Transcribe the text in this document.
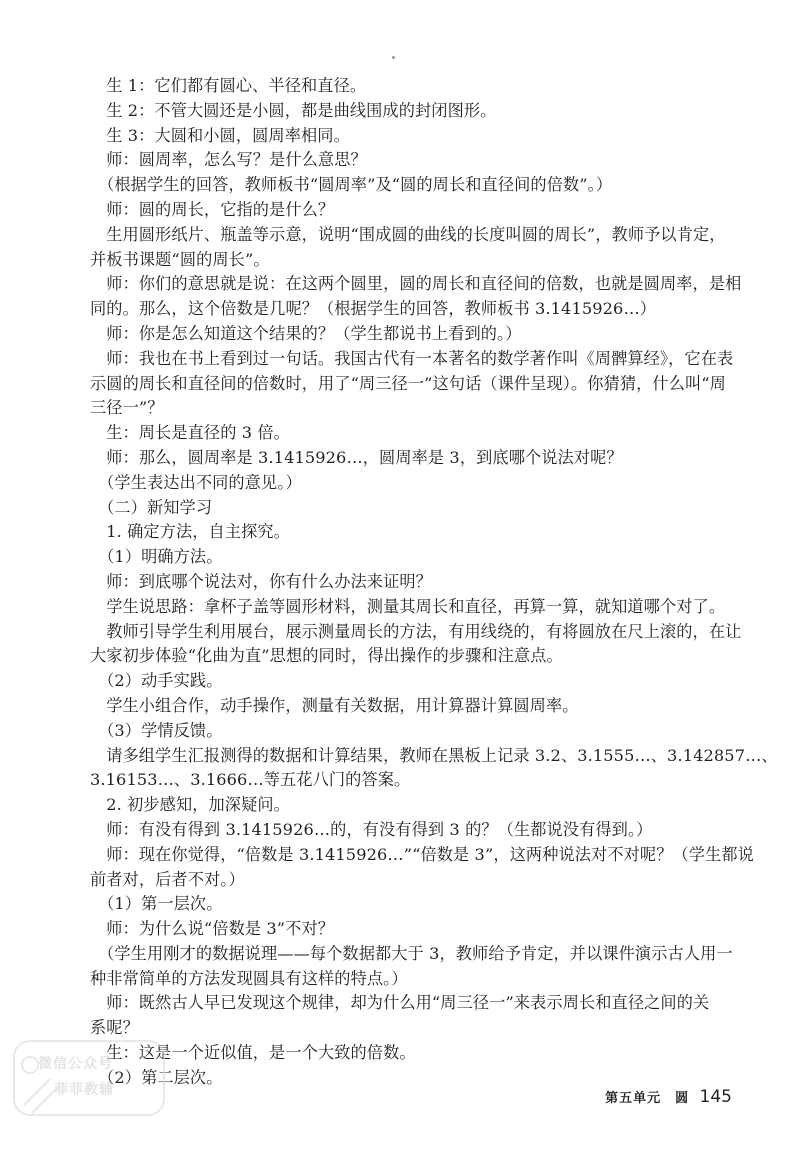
生 1：它们都有圆心、半径和直径。

生 2：不管大圆还是小圆，都是曲线围成的封闭图形。

生 3：大圆和小圆，圆周率相同。

师：圆周率，怎么写？是什么意思？

（根据学生的回答，教师板书“圆周率”及“圆的周长和直径间的倍数”。）

师：圆的周长，它指的是什么？

生用圆形纸片、瓶盖等示意，说明“围成圆的曲线的长度叫圆的周长”，教师予以肯定，

并板书课题“圆的周长”。

师：你们的意思就是说：在这两个圆里，圆的周长和直径间的倍数，也就是圆周率，是相

同的。那么，这个倍数是几呢？（根据学生的回答，教师板书 3.1415926…）

师：你是怎么知道这个结果的？（学生都说书上看到的。）

师：我也在书上看到过一句话。我国古代有一本著名的数学著作叫《周髀算经》，它在表

示圆的周长和直径间的倍数时，用了“周三径一”这句话（课件呈现）。你猜猜，什么叫“周

三径一”？

生：周长是直径的 3 倍。

师：那么，圆周率是 3.1415926…，圆周率是 3，到底哪个说法对呢？

（学生表达出不同的意见。）

（二）新知学习

1. 确定方法，自主探究。

（1）明确方法。

师：到底哪个说法对，你有什么办法来证明？

学生说思路：拿杯子盖等圆形材料，测量其周长和直径，再算一算，就知道哪个对了。

教师引导学生利用展台，展示测量周长的方法，有用线绕的，有将圆放在尺上滚的，在让

大家初步体验“化曲为直”思想的同时，得出操作的步骤和注意点。

（2）动手实践。

学生小组合作，动手操作，测量有关数据，用计算器计算圆周率。

（3）学情反馈。

请多组学生汇报测得的数据和计算结果，教师在黑板上记录 3.2、3.1555…、3.142857…、

3.16153…、3.1666…等五花八门的答案。

2. 初步感知，加深疑问。

师：有没有得到 3.1415926…的，有没有得到 3 的？（生都说没有得到。）

师：现在你觉得，“倍数是 3.1415926…”“倍数是 3”，这两种说法对不对呢？（学生都说

前者对，后者不对。）

（1）第一层次。

师：为什么说“倍数是 3”不对？

（学生用刚才的数据说理——每个数据都大于 3，教师给予肯定，并以课件演示古人用一

种非常简单的方法发现圆具有这样的特点。）

师：既然古人早已发现这个规律，却为什么用“周三径一”来表示周长和直径之间的关

系呢？

生：这是一个近似值，是一个大致的倍数。

（2）第二层次。

第五单元　圆 145
微信公众号
菲菲教辅
